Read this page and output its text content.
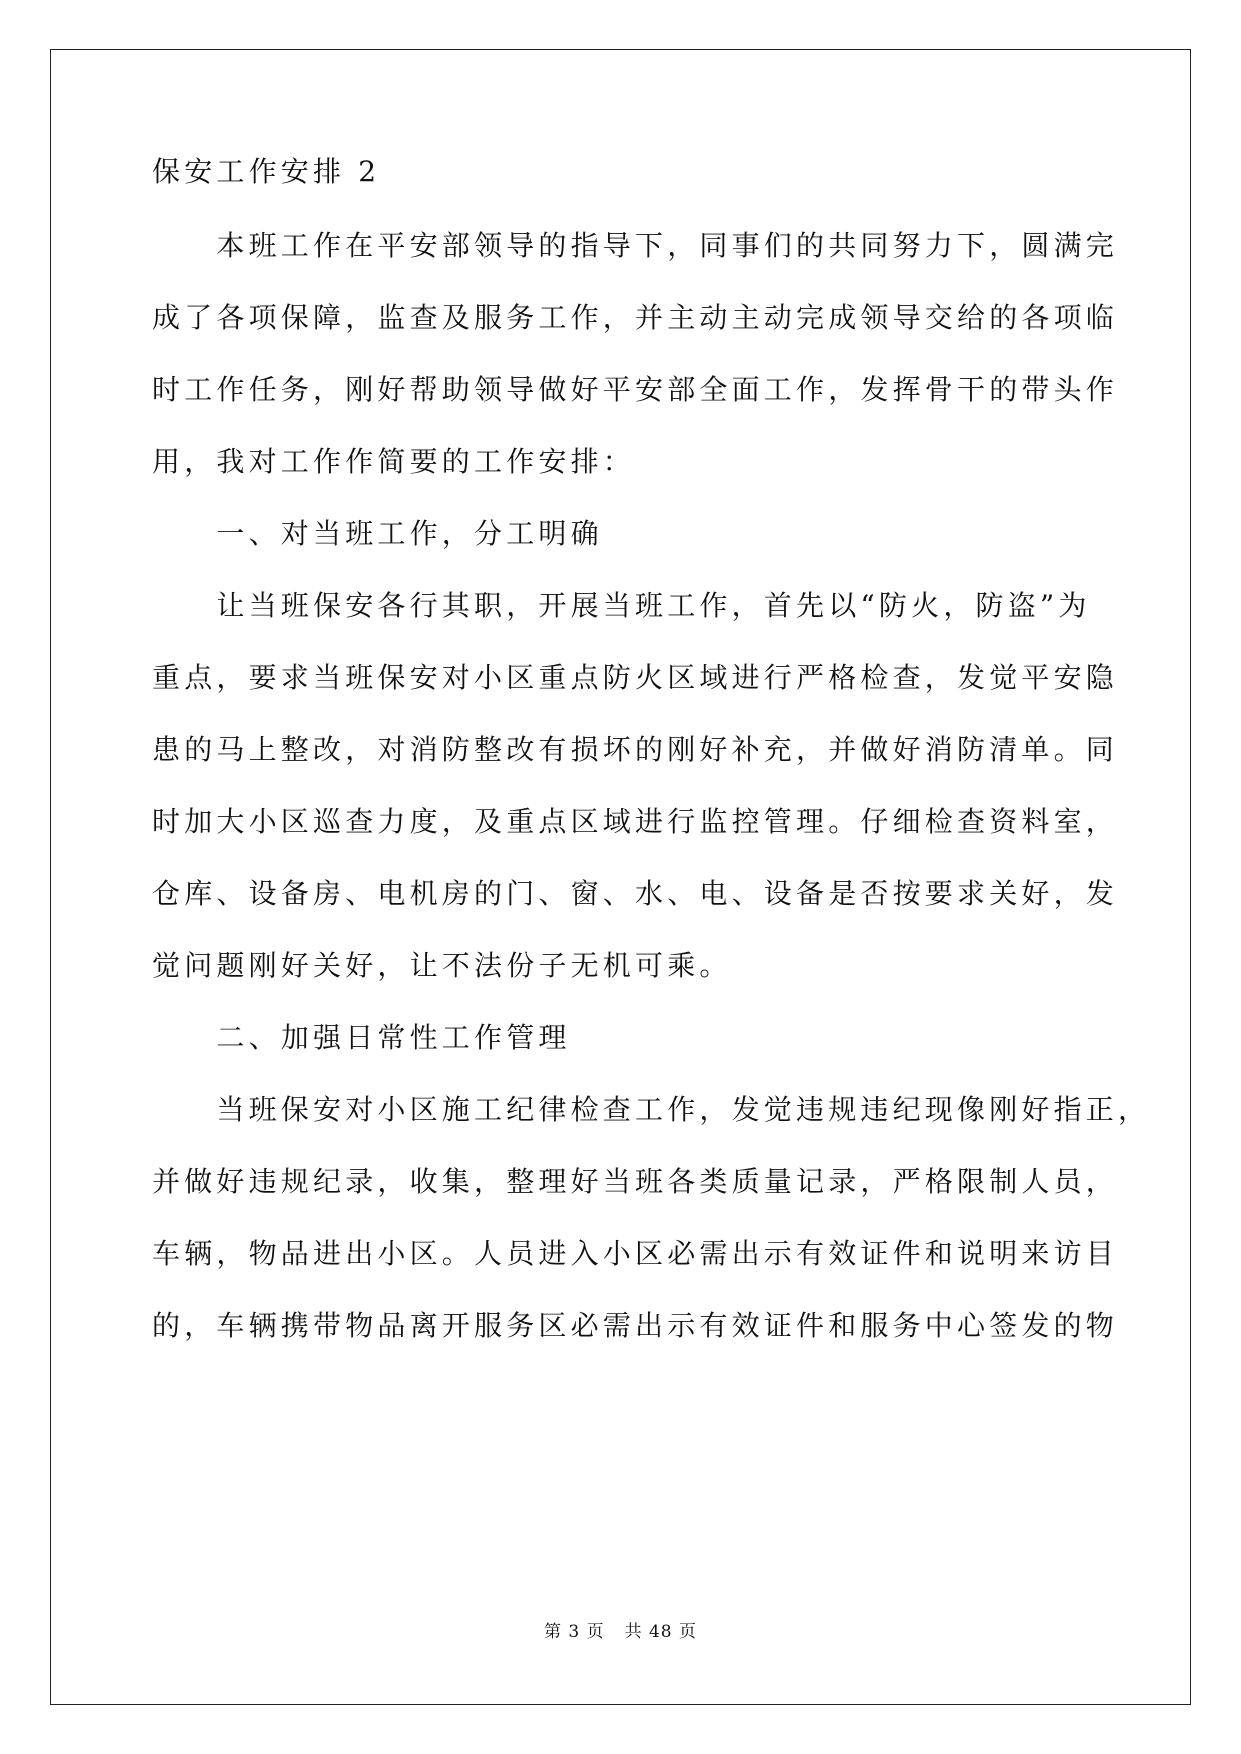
保安工作安排 2
　　本班工作在平安部领导的指导下，同事们的共同努力下，圆满完
成了各项保障，监查及服务工作，并主动主动完成领导交给的各项临
时工作任务，刚好帮助领导做好平安部全面工作，发挥骨干的带头作
用，我对工作作简要的工作安排：
　　一、对当班工作，分工明确
　　让当班保安各行其职，开展当班工作，首先以“防火，防盗”为
重点，要求当班保安对小区重点防火区域进行严格检查，发觉平安隐
患的马上整改，对消防整改有损坏的刚好补充，并做好消防清单。同
时加大小区巡查力度，及重点区域进行监控管理。仔细检查资料室，
仓库、设备房、电机房的门、窗、水、电、设备是否按要求关好，发
觉问题刚好关好，让不法份子无机可乘。
　　二、加强日常性工作管理
　　当班保安对小区施工纪律检查工作，发觉违规违纪现像刚好指正，
并做好违规纪录，收集，整理好当班各类质量记录，严格限制人员，
车辆，物品进出小区。人员进入小区必需出示有效证件和说明来访目
的，车辆携带物品离开服务区必需出示有效证件和服务中心签发的物
第 3 页 共 48 页
